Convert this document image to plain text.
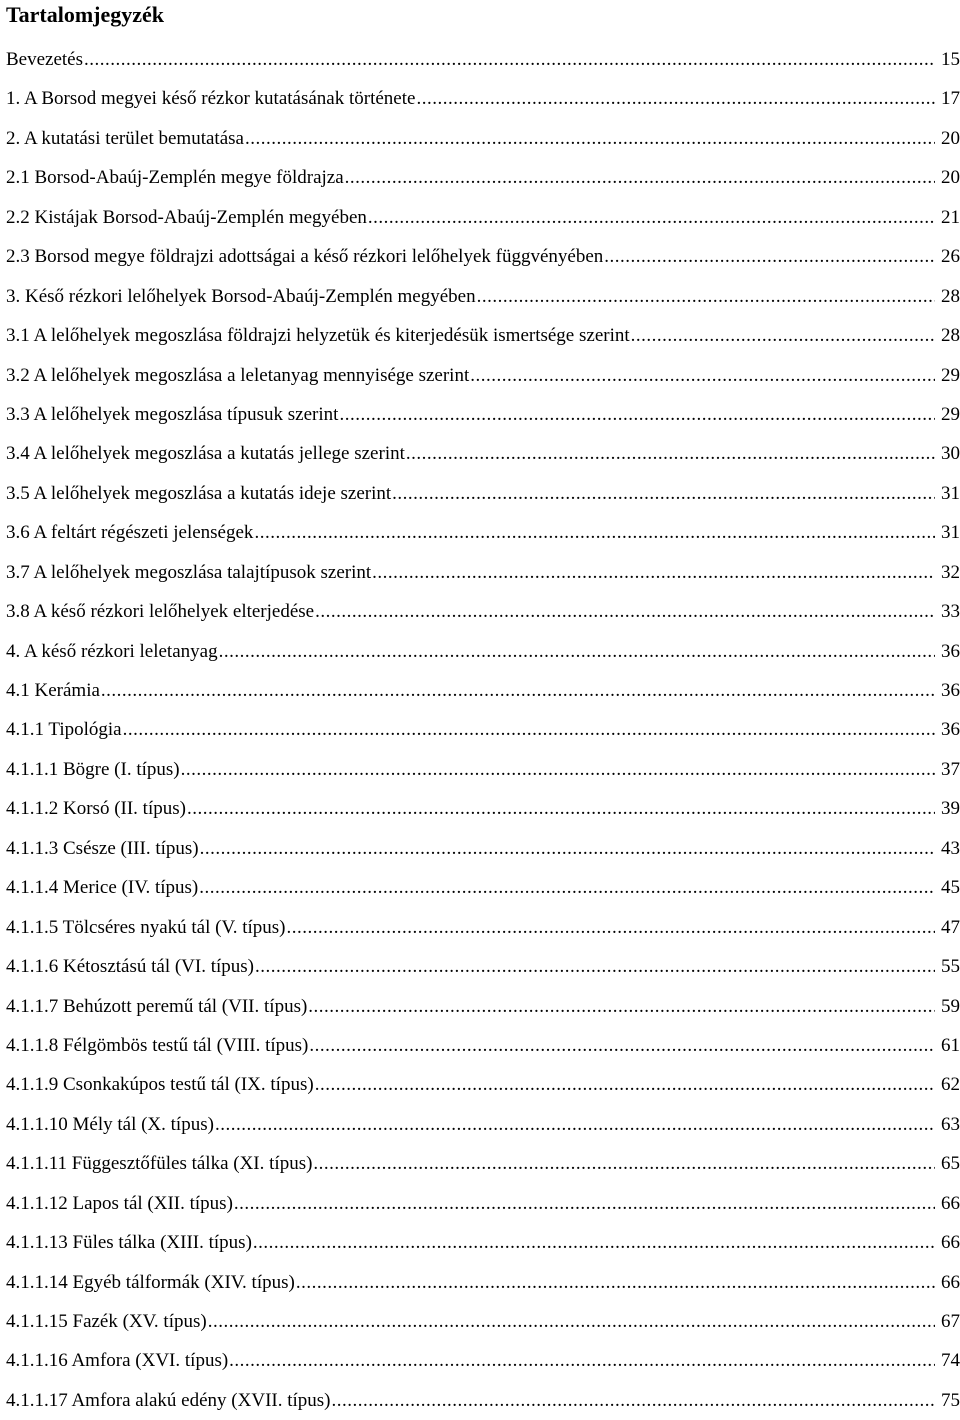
Tartalomjegyzék
Bevezetés .....	15
1. A Borsod megyei késő rézkor kutatásának története .....	17
2. A kutatási terület bemutatása .....	20
2.1 Borsod-Abaúj-Zemplén megye földrajza .....	20
2.2 Kistájak Borsod-Abaúj-Zemplén megyében .....	21
2.3 Borsod megye földrajzi adottságai a késő rézkori lelőhelyek függvényében .....	26
3. Késő rézkori lelőhelyek Borsod-Abaúj-Zemplén megyében .....	28
3.1 A lelőhelyek megoszlása földrajzi helyzetük és kiterjedésük ismertsége szerint .....	28
3.2 A lelőhelyek megoszlása a leletanyag mennyisége szerint .....	29
3.3 A lelőhelyek megoszlása típusuk szerint .....	29
3.4 A lelőhelyek megoszlása a kutatás jellege szerint .....	30
3.5 A lelőhelyek megoszlása a kutatás ideje szerint .....	31
3.6 A feltárt régészeti jelenségek .....	31
3.7 A lelőhelyek megoszlása talajtípusok szerint .....	32
3.8 A késő rézkori lelőhelyek elterjedése .....	33
4. A késő rézkori leletanyag .....	36
4.1 Kerámia .....	36
4.1.1 Tipológia .....	36
4.1.1.1 Bögre (I. típus) .....	37
4.1.1.2 Korsó (II. típus) .....	39
4.1.1.3 Csésze (III. típus) .....	43
4.1.1.4 Merice (IV. típus) .....	45
4.1.1.5 Tölcséres nyakú tál (V. típus) .....	47
4.1.1.6 Kétosztású tál (VI. típus) .....	55
4.1.1.7 Behúzott peremű tál (VII. típus) .....	59
4.1.1.8 Félgömbös testű tál (VIII. típus) .....	61
4.1.1.9 Csonkakúpos testű tál (IX. típus) .....	62
4.1.1.10 Mély tál (X. típus) .....	63
4.1.1.11 Függesztőfüles tálka (XI. típus) .....	65
4.1.1.12 Lapos tál (XII. típus) .....	66
4.1.1.13 Füles tálka (XIII. típus) .....	66
4.1.1.14 Egyéb tálformák (XIV. típus) .....	66
4.1.1.15 Fazék (XV. típus) .....	67
4.1.1.16 Amfora (XVI. típus) .....	74
4.1.1.17 Amfora alakú edény (XVII. típus) .....	75
